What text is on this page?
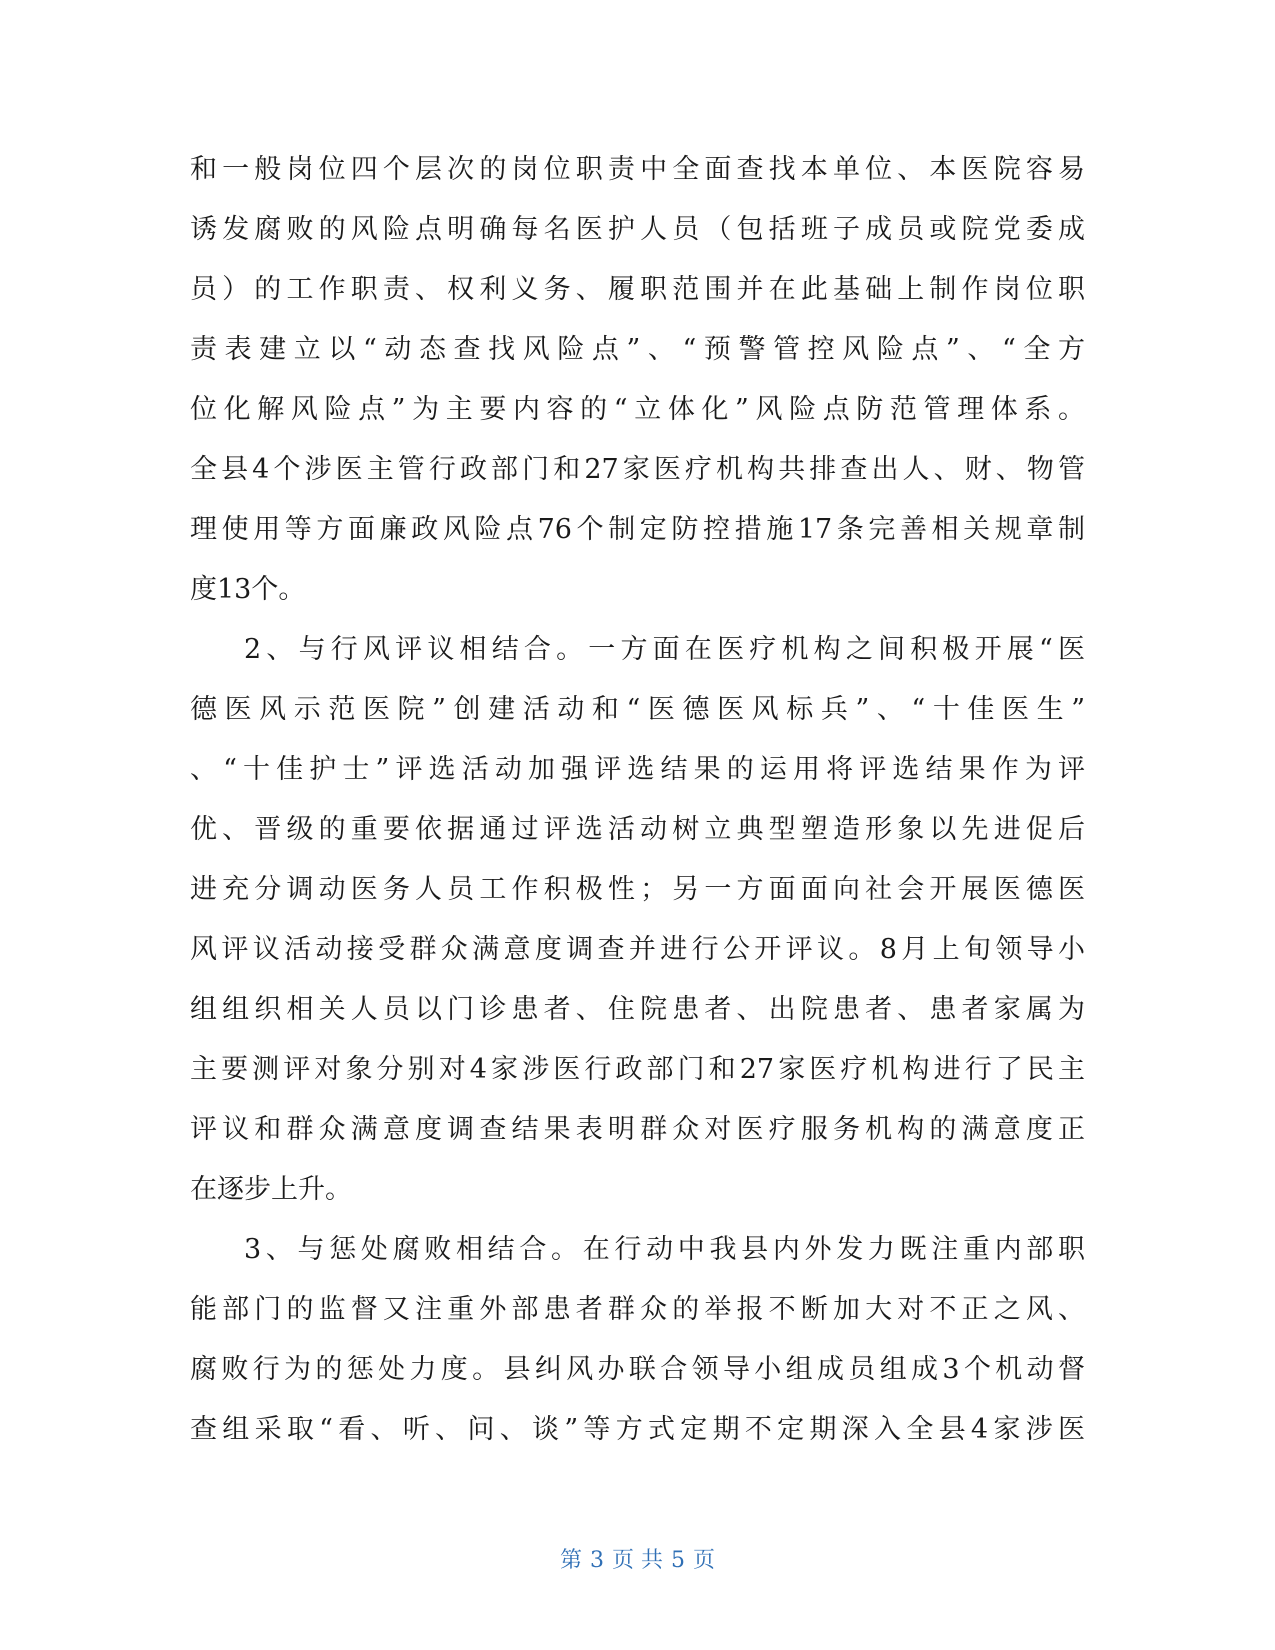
和一般岗位四个层次的岗位职责中全面查找本单位、本医院容易
诱发腐败的风险点明确每名医护人员（包括班子成员或院党委成
员）的工作职责、权利义务、履职范围并在此基础上制作岗位职
责表建立以“动态查找风险点”、“预警管控风险点”、“全方
位化解风险点”为主要内容的“立体化”风险点防范管理体系。
全县4个涉医主管行政部门和27家医疗机构共排查出人、财、物管
理使用等方面廉政风险点76个制定防控措施17条完善相关规章制
度13个。
2、与行风评议相结合。一方面在医疗机构之间积极开展“医
德医风示范医院”创建活动和“医德医风标兵”、“十佳医生”
、“十佳护士”评选活动加强评选结果的运用将评选结果作为评
优、晋级的重要依据通过评选活动树立典型塑造形象以先进促后
进充分调动医务人员工作积极性；另一方面面向社会开展医德医
风评议活动接受群众满意度调查并进行公开评议。8月上旬领导小
组组织相关人员以门诊患者、住院患者、出院患者、患者家属为
主要测评对象分别对4家涉医行政部门和27家医疗机构进行了民主
评议和群众满意度调查结果表明群众对医疗服务机构的满意度正
在逐步上升。
3、与惩处腐败相结合。在行动中我县内外发力既注重内部职
能部门的监督又注重外部患者群众的举报不断加大对不正之风、
腐败行为的惩处力度。县纠风办联合领导小组成员组成3个机动督
查组采取“看、听、问、谈”等方式定期不定期深入全县4家涉医
第 3 页 共 5 页
